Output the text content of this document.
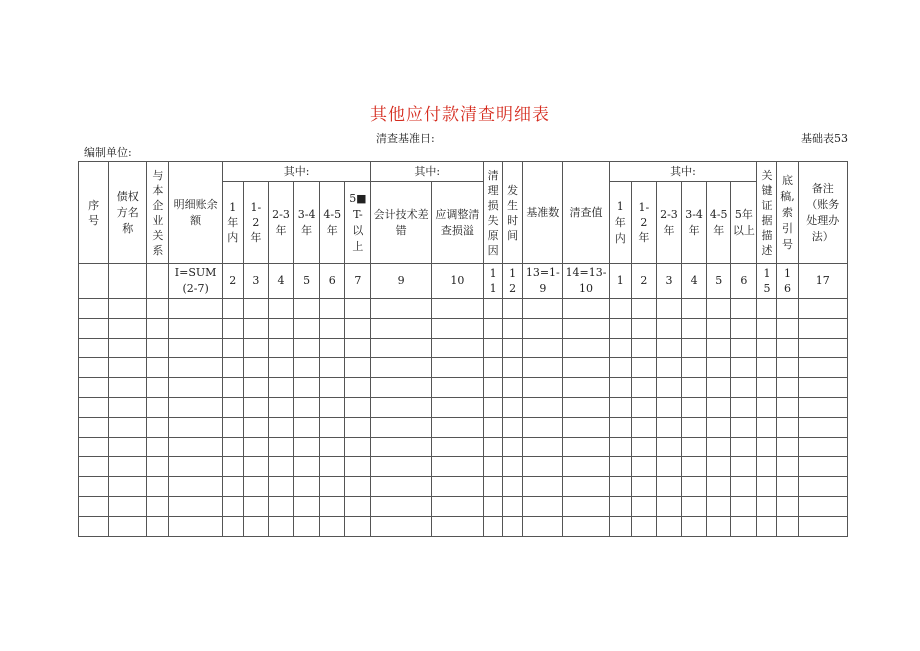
其他应付款清查明细表
编制单位:
清查基准日:	基础表53
序号	债权方名称	与本企业关系	明细账余额	其中:						其中:		清理损失原因	发生时间	基准数	清查值	其中:						关键证据描述	底稿,索引号	备注（账务处理办法）

				1年内	1-2年	2-3年	3-4年	4-5年	5■T-以上	会计技术差错	应调整清查损溢					1年内	1-2年	2-3年	3-4年	4-5年	5年以上			

			I=SUM(2-7)	2	3	4	5	6	7	9	10	11	12	13=1-9	14=13-10	1	2	3	4	5	6	15	16	17
